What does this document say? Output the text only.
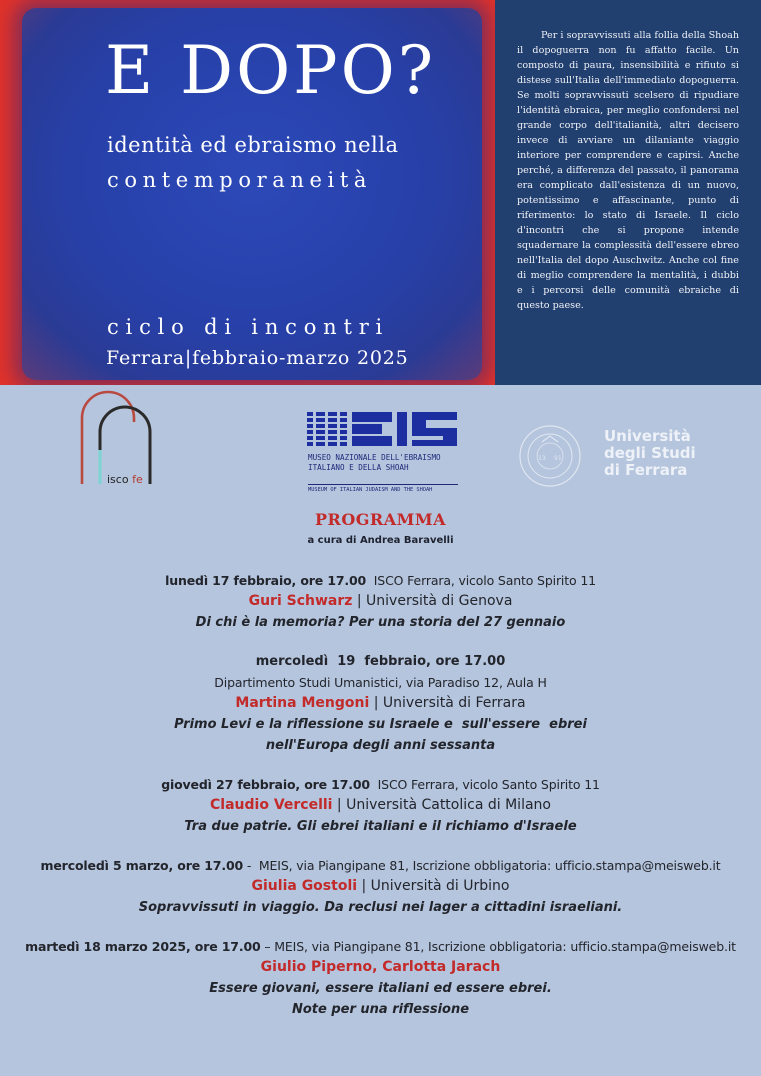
E DOPO?
identità ed ebraismo nella
contemporaneità
ciclo di incontri
Ferrara|febbraio-marzo 2025

Per i sopravvissuti alla follia della Shoah il dopoguerra non fu affatto facile. Un composto di paura, insensibilità e rifiuto si distese sull'Italia dell'immediato dopoguerra. Se molti sopravvissuti scelsero di ripudiare l'identità ebraica, per meglio confondersi nel grande corpo dell'italianità, altri decisero invece di avviare un dilaniante viaggio interiore per comprendere e capirsi. Anche perché, a differenza del passato, il panorama era complicato dall'esistenza di un nuovo, potentissimo e affascinante, punto di riferimento: lo stato di Israele. Il ciclo d'incontri che si propone intende squadernare la complessità dell'essere ebreo nell'Italia del dopo Auschwitz. Anche col fine di meglio comprendere la mentalità, i dubbi e i percorsi delle comunità ebraiche di questo paese.

isco fe
MUSEO NAZIONALE DELL'EBRAISMO
ITALIANO E DELLA SHOAH
MUSEUM OF ITALIAN JUDAISM AND THE SHOAH
13 91
Università
degli Studi
di Ferrara
PROGRAMMA
a cura di Andrea Baravelli
lunedì 17 febbraio, ore 17.00  ISCO Ferrara, vicolo Santo Spirito 11
Guri Schwarz | Università di Genova
Di chi è la memoria? Per una storia del 27 gennaio
mercoledì  19  febbraio, ore 17.00
Dipartimento Studi Umanistici, via Paradiso 12, Aula H
Martina Mengoni | Università di Ferrara
Primo Levi e la riflessione su Israele e  sull'essere  ebrei
nell'Europa degli anni sessanta
giovedì 27 febbraio, ore 17.00  ISCO Ferrara, vicolo Santo Spirito 11
Claudio Vercelli | Università Cattolica di Milano
Tra due patrie. Gli ebrei italiani e il richiamo d'Israele
mercoledì 5 marzo, ore 17.00 -  MEIS, via Piangipane 81, Iscrizione obbligatoria: ufficio.stampa@meisweb.it
Giulia Gostoli | Università di Urbino
Sopravvissuti in viaggio. Da reclusi nei lager a cittadini israeliani.
martedì 18 marzo 2025, ore 17.00 – MEIS, via Piangipane 81, Iscrizione obbligatoria: ufficio.stampa@meisweb.it
Giulio Piperno, Carlotta Jarach
Essere giovani, essere italiani ed essere ebrei.
Note per una riflessione
